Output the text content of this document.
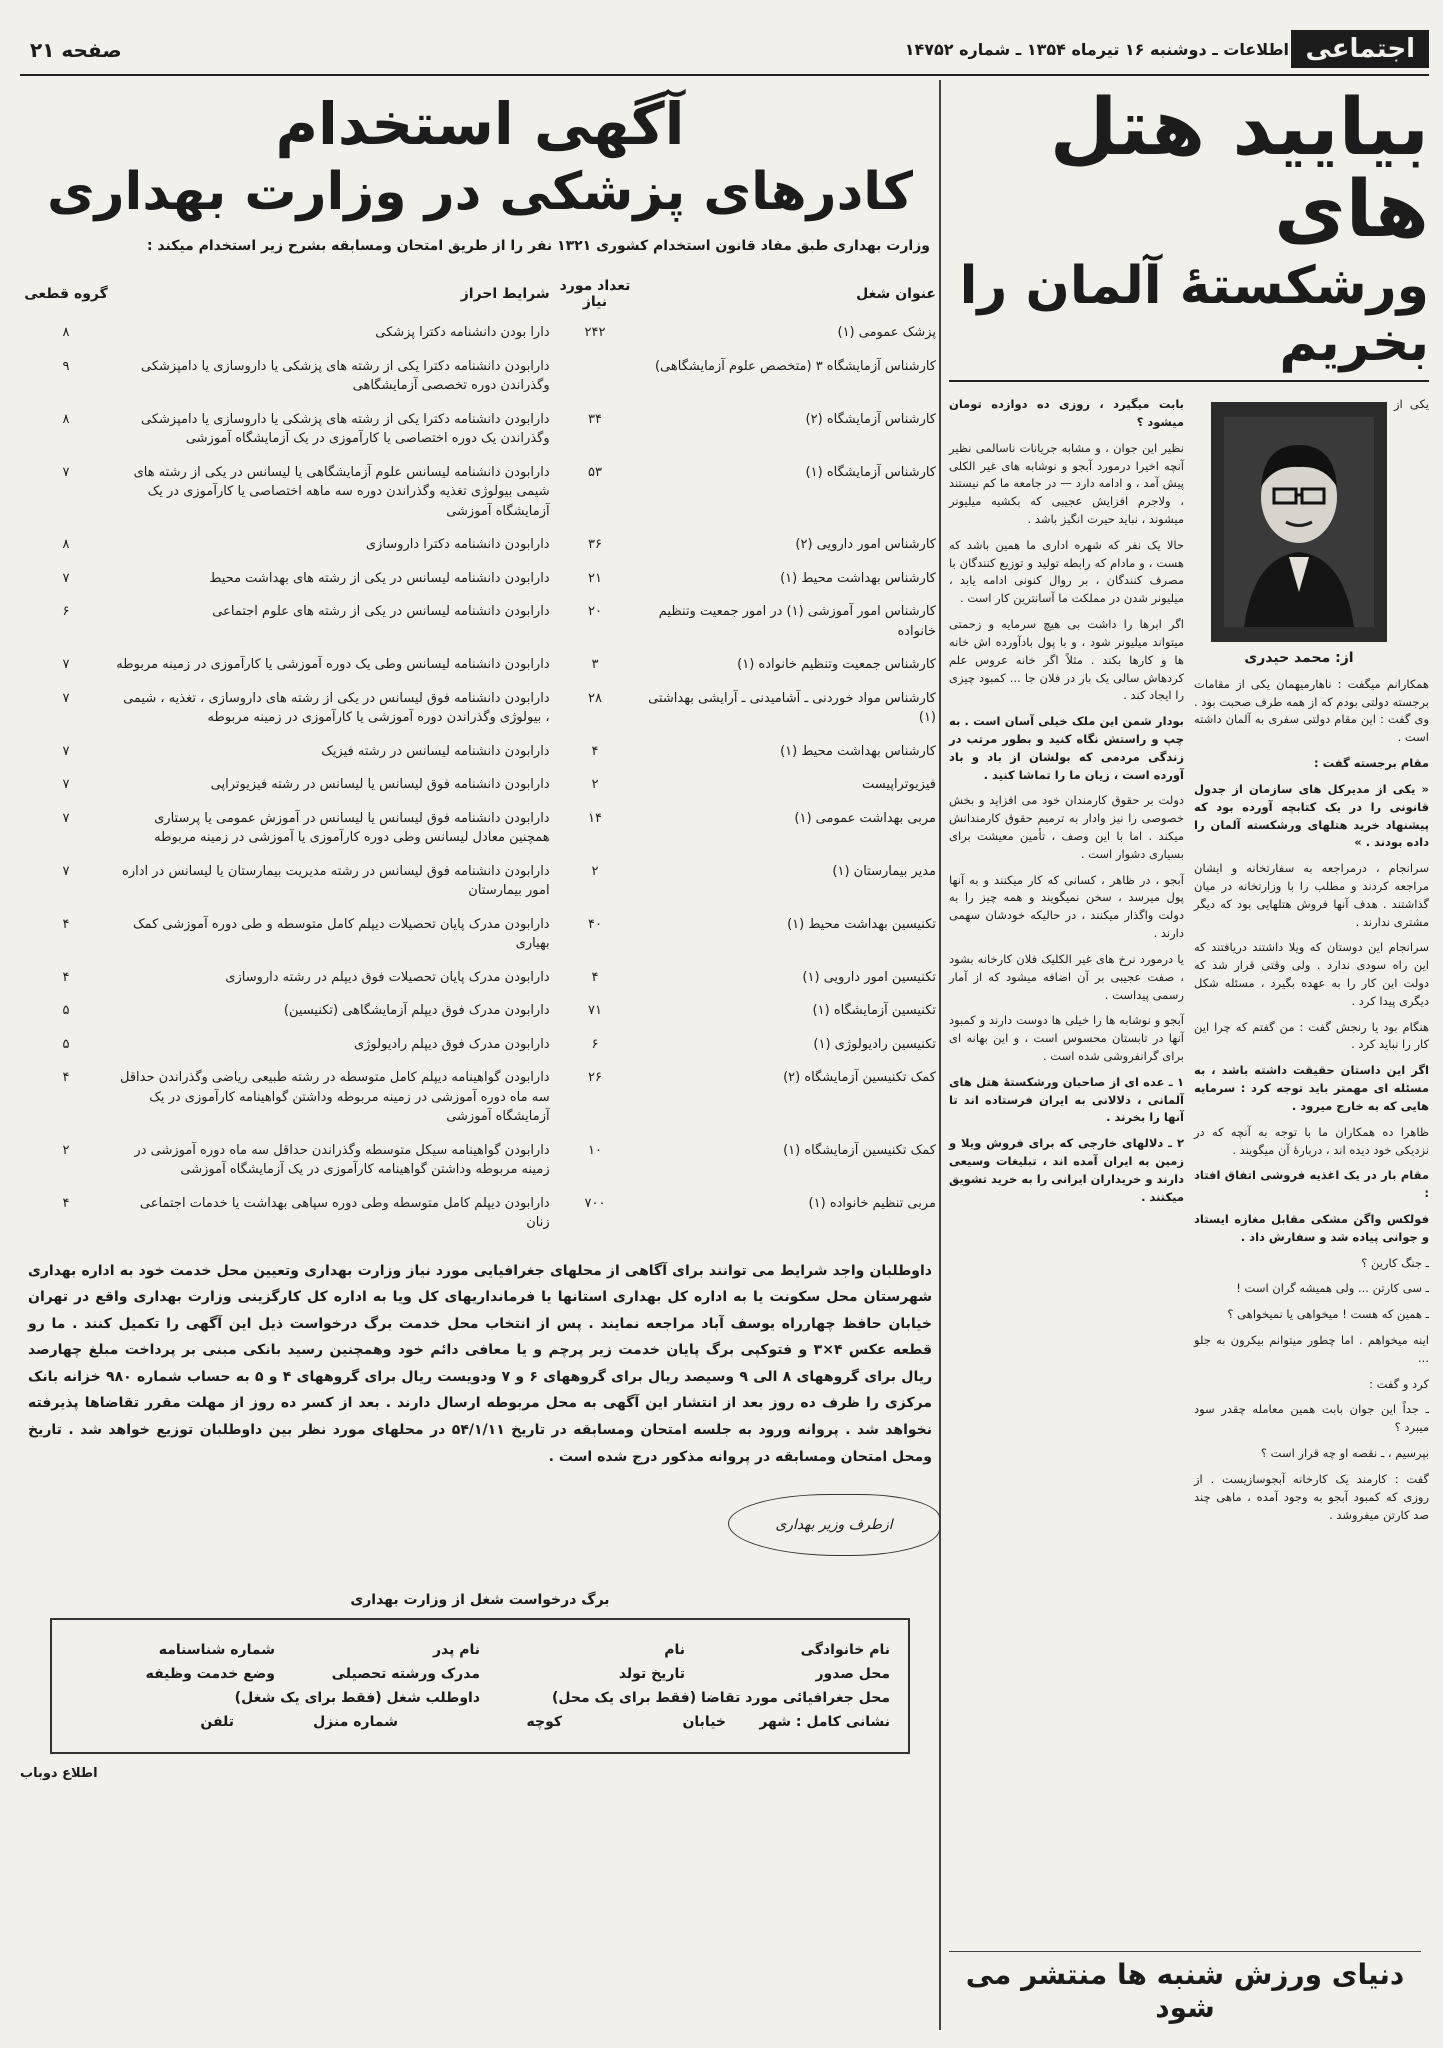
اجتماعی
اطلاعات ـ دوشنبه ۱۶ تیرماه ۱۳۵۴ ـ شماره ۱۴۷۵۲
صفحه ۲۱
بیایید هتل های
ورشکستهٔ آلمان را بخریم
از: محمد حیدری

یکی از همکارانم میگفت : ناهارمیهمان یکی از مقامات برجسته دولتی بودم که از همه طرف صحبت بود . وی گفت : این مقام دولتی سفری به آلمان داشته است .

مقام برجسته گفت :

« یکی از مدیرکل های سازمان از جدول قانونی را در یک کتابچه آورده بود که پیشنهاد خرید هتلهای ورشکسته آلمان را داده بودند . »

سرانجام ، درمراجعه به سفارتخانه و ایشان مراجعه کردند و مطلب را با وزارتخانه در میان گذاشتند . هدف آنها فروش هتلهایی بود که دیگر مشتری ندارند .

سرانجام این دوستان که ویلا داشتند دریافتند که این راه سودی ندارد . ولی وقتی قرار شد که دولت این کار را به عهده بگیرد ، مسئله شکل دیگری پیدا کرد .

هنگام بود یا رنجش گفت : من گفتم که چرا این کار را نباید کرد .

اگر این داستان حقیقت داشته باشد ، به مسئله ای مهمتر باید توجه کرد : سرمایه هایی که به خارج میرود .

ظاهرا ده همکاران ما با توجه به آنچه که در نزدیکی خود دیده اند ، دربارهٔ آن میگویند .

مقام بار در یک اغذیه فروشی اتفاق افتاد :

فولکس واگن مشکی مقابل مغازه ایستاد و جوانی پیاده شد و سفارش داد .

ـ جنگ کارین ؟

ـ سی کارتن ... ولی همیشه گران است !

ـ همین که هست ! میخواهی یا نمیخواهی ؟

اینه میخواهم . اما چطور میتوانم بیکرون به جلو ...

کرد و گفت :

ـ جداً این جوان بابت همین معامله چقدر سود میبرد ؟

بپرسیم ، ـ نقصه او چه قرار است ؟

گفت : کارمند یک کارخانه آبجوسازیست . از روزی که کمبود آبجو به وجود آمده ، ماهی چند صد کارتن میفروشد .

بابت میگیرد ، روزی ده دوازده تومان میشود ؟

نظیر این جوان ، و مشابه جریانات ناسالمی نظیر آنچه اخیرا درمورد آبجو و نوشابه های غیر الکلی پیش آمد ، و ادامه دارد — در جامعه ما کم نیستند ، ولاجرم افزایش عجیبی که بکشیه میلیونر میشوند ، نباید حیرت انگیز باشد .

حالا یک نفر که شهره اداری ما همین باشد که هست ، و مادام که رابطه تولید و توزیع کنندگان با مصرف کنندگان ، بر روال کنونی ادامه یابد ، میلیونر شدن در مملکت ما آسانترین کار است .

اگر ابرها را داشت بی هیچ سرمایه و زحمتی میتواند میلیونر شود ، و با پول بادآورده اش خانه ها و کارها بکند . مثلاً اگر خانه عروس علم کردهاش سالی یک بار در فلان جا ... کمبود چیزی را ایجاد کند .

بودار شمن این ملک خیلی آسان است . به چپ و راستش نگاه کنید و بطور مرتب در زندگی مردمی که بولشان از باد و باد آورده است ، زیان ما را تماشا کنید .

دولت بر حقوق کارمندان خود می افزاید و بخش خصوصی را نیز وادار به ترمیم حقوق کارمندانش میکند . اما با این وصف ، تأمین معیشت برای بسیاری دشوار است .

آبجو ، در ظاهر ، کسانی که کار میکنند و به آنها پول میرسد ، سخن نمیگویند و همه چیز را به دولت واگذار میکنند ، در حالیکه خودشان سهمی دارند .

یا درمورد نرخ های غیر الکلیک فلان کارخانه بشود ، صفت عجیبی بر آن اضافه میشود که از آمار رسمی پیداست .

آبجو و نوشابه ها را خیلی ها دوست دارند و کمبود آنها در تابستان محسوس است ، و این بهانه ای برای گرانفروشی شده است .

۱ ـ عده ای از صاحبان ورشکستهٔ هتل های آلمانی ، دلالانی به ایران فرستاده اند تا آنها را بخرند .

۲ ـ دلالهای خارجی که برای فروش ویلا و زمین به ایران آمده اند ، تبلیغات وسیعی دارند و خریداران ایرانی را به خرید تشویق میکنند .

دنیای ورزش شنبه ها منتشر می شود
آگهی استخدام
کادرهای پزشکی در وزارت بهداری
وزارت بهداری طبق مفاد قانون استخدام کشوری ۱۳۲۱ نفر را از طریق امتحان ومسابقه بشرح زیر استخدام میکند :
عنوان شغل	تعداد مورد نیاز	شرایط احراز	گروه قطعی
پزشک عمومی (۱)	۲۴۲	دارا بودن دانشنامه دکترا پزشکی	۸
کارشناس آزمایشگاه ۳ (متخصص علوم آزمایشگاهی)		دارابودن دانشنامه دکترا یکی از رشته های پزشکی یا داروسازی یا دامپزشکی وگذراندن دوره تخصصی آزمایشگاهی	۹
کارشناس آزمایشگاه (۲)	۳۴	دارابودن دانشنامه دکترا یکی از رشته های پزشکی یا داروسازی یا دامپزشکی وگذراندن یک دوره اختصاصی یا کارآموزی در یک آزمایشگاه آموزشی	۸
کارشناس آزمایشگاه (۱)	۵۳	دارابودن دانشنامه لیسانس علوم آزمایشگاهی یا لیسانس در یکی از رشته های شیمی بیولوژی تغذیه وگذراندن دوره سه ماهه اختصاصی یا کارآموزی در یک آزمایشگاه آموزشی	۷
کارشناس امور دارویی (۲)	۳۶	دارابودن دانشنامه دکترا داروسازی	۸
کارشناس بهداشت محیط (۱)	۲۱	دارابودن دانشنامه لیسانس در یکی از رشته های بهداشت محیط	۷
کارشناس امور آموزشی (۱) در امور جمعیت وتنظیم خانواده	۲۰	دارابودن دانشنامه لیسانس در یکی از رشته های علوم اجتماعی	۶
کارشناس جمعیت وتنظیم خانواده (۱)	۳	دارابودن دانشنامه لیسانس وطی یک دوره آموزشی یا کارآموزی در زمینه مربوطه	۷
کارشناس مواد خوردنی ـ آشامیدنی ـ آرایشی بهداشتی (۱)	۲۸	دارابودن دانشنامه فوق لیسانس در یکی از رشته های داروسازی ، تغذیه ، شیمی ، بیولوژی وگذراندن دوره آموزشی یا کارآموزی در زمینه مربوطه	۷
کارشناس بهداشت محیط (۱)	۴	دارابودن دانشنامه لیسانس در رشته فیزیک	۷
فیزیوتراپیست	۲	دارابودن دانشنامه فوق لیسانس یا لیسانس در رشته فیزیوتراپی	۷
مربی بهداشت عمومی (۱)	۱۴	دارابودن دانشنامه فوق لیسانس یا لیسانس در آموزش عمومی یا پرستاری همچنین معادل لیسانس وطی دوره کارآموزی یا آموزشی در زمینه مربوطه	۷
مدیر بیمارستان (۱)	۲	دارابودن دانشنامه فوق لیسانس در رشته مدیریت بیمارستان یا لیسانس در اداره امور بیمارستان	۷
تکنیسین بهداشت محیط (۱)	۴۰	دارابودن مدرک پایان تحصیلات دیپلم کامل متوسطه و طی دوره آموزشی کمک بهیاری	۴
تکنیسین امور دارویی (۱)	۴	دارابودن مدرک پایان تحصیلات فوق دیپلم در رشته داروسازی	۴
تکنیسین آزمایشگاه (۱)	۷۱	دارابودن مدرک فوق دیپلم آزمایشگاهی (تکنیسین)	۵
تکنیسین رادیولوژی (۱)	۶	دارابودن مدرک فوق دیپلم رادیولوژی	۵
کمک تکنیسین آزمایشگاه (۲)	۲۶	دارابودن گواهینامه دیپلم کامل متوسطه در رشته طبیعی ریاضی وگذراندن حداقل سه ماه دوره آموزشی در زمینه مربوطه وداشتن گواهینامه کارآموزی در یک آزمایشگاه آموزشی	۴
کمک تکنیسین آزمایشگاه (۱)	۱۰	دارابودن گواهینامه سیکل متوسطه وگذراندن حداقل سه ماه دوره آموزشی در زمینه مربوطه وداشتن گواهینامه کارآموزی در یک آزمایشگاه آموزشی	۲
مربی تنظیم خانواده (۱)	۷۰۰	دارابودن دیپلم کامل متوسطه وطی دوره سپاهی بهداشت یا خدمات اجتماعی زنان	۴
داوطلبان واجد شرایط می توانند برای آگاهی از محلهای جغرافیایی مورد نیاز وزارت بهداری وتعیین محل خدمت خود به اداره بهداری شهرستان محل سکونت یا به اداره کل بهداری استانها یا فرمانداریهای کل ویا به اداره کل کارگزینی وزارت بهداری واقع در تهران خیابان حافظ چهارراه یوسف آباد مراجعه نمایند . پس از انتخاب محل خدمت برگ درخواست ذیل این آگهی را تکمیل کنند . ما رو قطعه عکس ۴×۳ و فتوکپی برگ پایان خدمت زیر پرچم و یا معافی دائم خود وهمچنین رسید بانکی مبنی بر پرداخت مبلغ چهارصد ریال برای گروههای ۸ الی ۹ وسیصد ریال برای گروههای ۶ و ۷ ودویست ریال برای گروههای ۴ و ۵ به حساب شماره ۹۸۰ خزانه بانک مرکزی را ظرف ده روز بعد از انتشار این آگهی به محل مربوطه ارسال دارند . بعد از کسر ده روز از مهلت مقرر تقاضاها پذیرفته نخواهد شد . پروانه ورود به جلسه امتحان ومسابقه در تاریخ ۵۴/۱/۱۱ در محلهای مورد نظر بین داوطلبان توزیع خواهد شد . تاریخ ومحل امتحان ومسابقه در پروانه مذکور درج شده است .
ازطرف وزیر بهداری
برگ درخواست شغل از وزارت بهداری
نام خانوادگی
نام
نام پدر
شماره شناسنامه
محل صدور
تاریخ تولد
مدرک ورشته تحصیلی
وضع خدمت وظیفه
محل جغرافیائی مورد تقاضا (فقط برای یک محل)
داوطلب شغل (فقط برای یک شغل)
نشانی کامل : شهر
خیابان
کوچه
شماره منزل
تلفن
اطلاع دوباب
